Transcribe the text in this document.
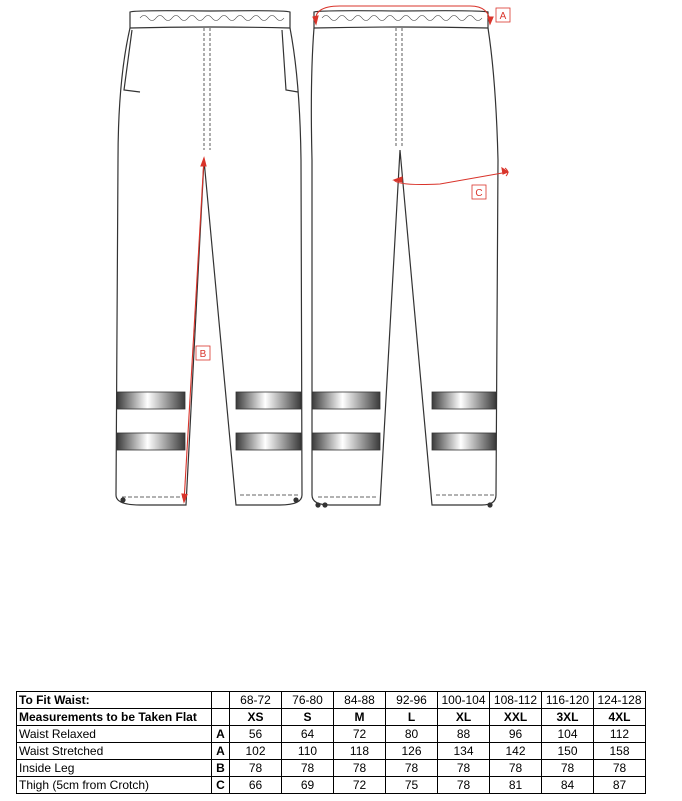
B
A
C
To Fit Waist:		68-72	76-80	84-88	92-96	100-104	108-112	116-120	124-128
Measurements to be Taken Flat		XS	S	M	L	XL	XXL	3XL	4XL
Waist Relaxed	A	56	64	72	80	88	96	104	112
Waist Stretched	A	102	110	118	126	134	142	150	158
Inside Leg	B	78	78	78	78	78	78	78	78
Thigh (5cm from Crotch)	C	66	69	72	75	78	81	84	87
